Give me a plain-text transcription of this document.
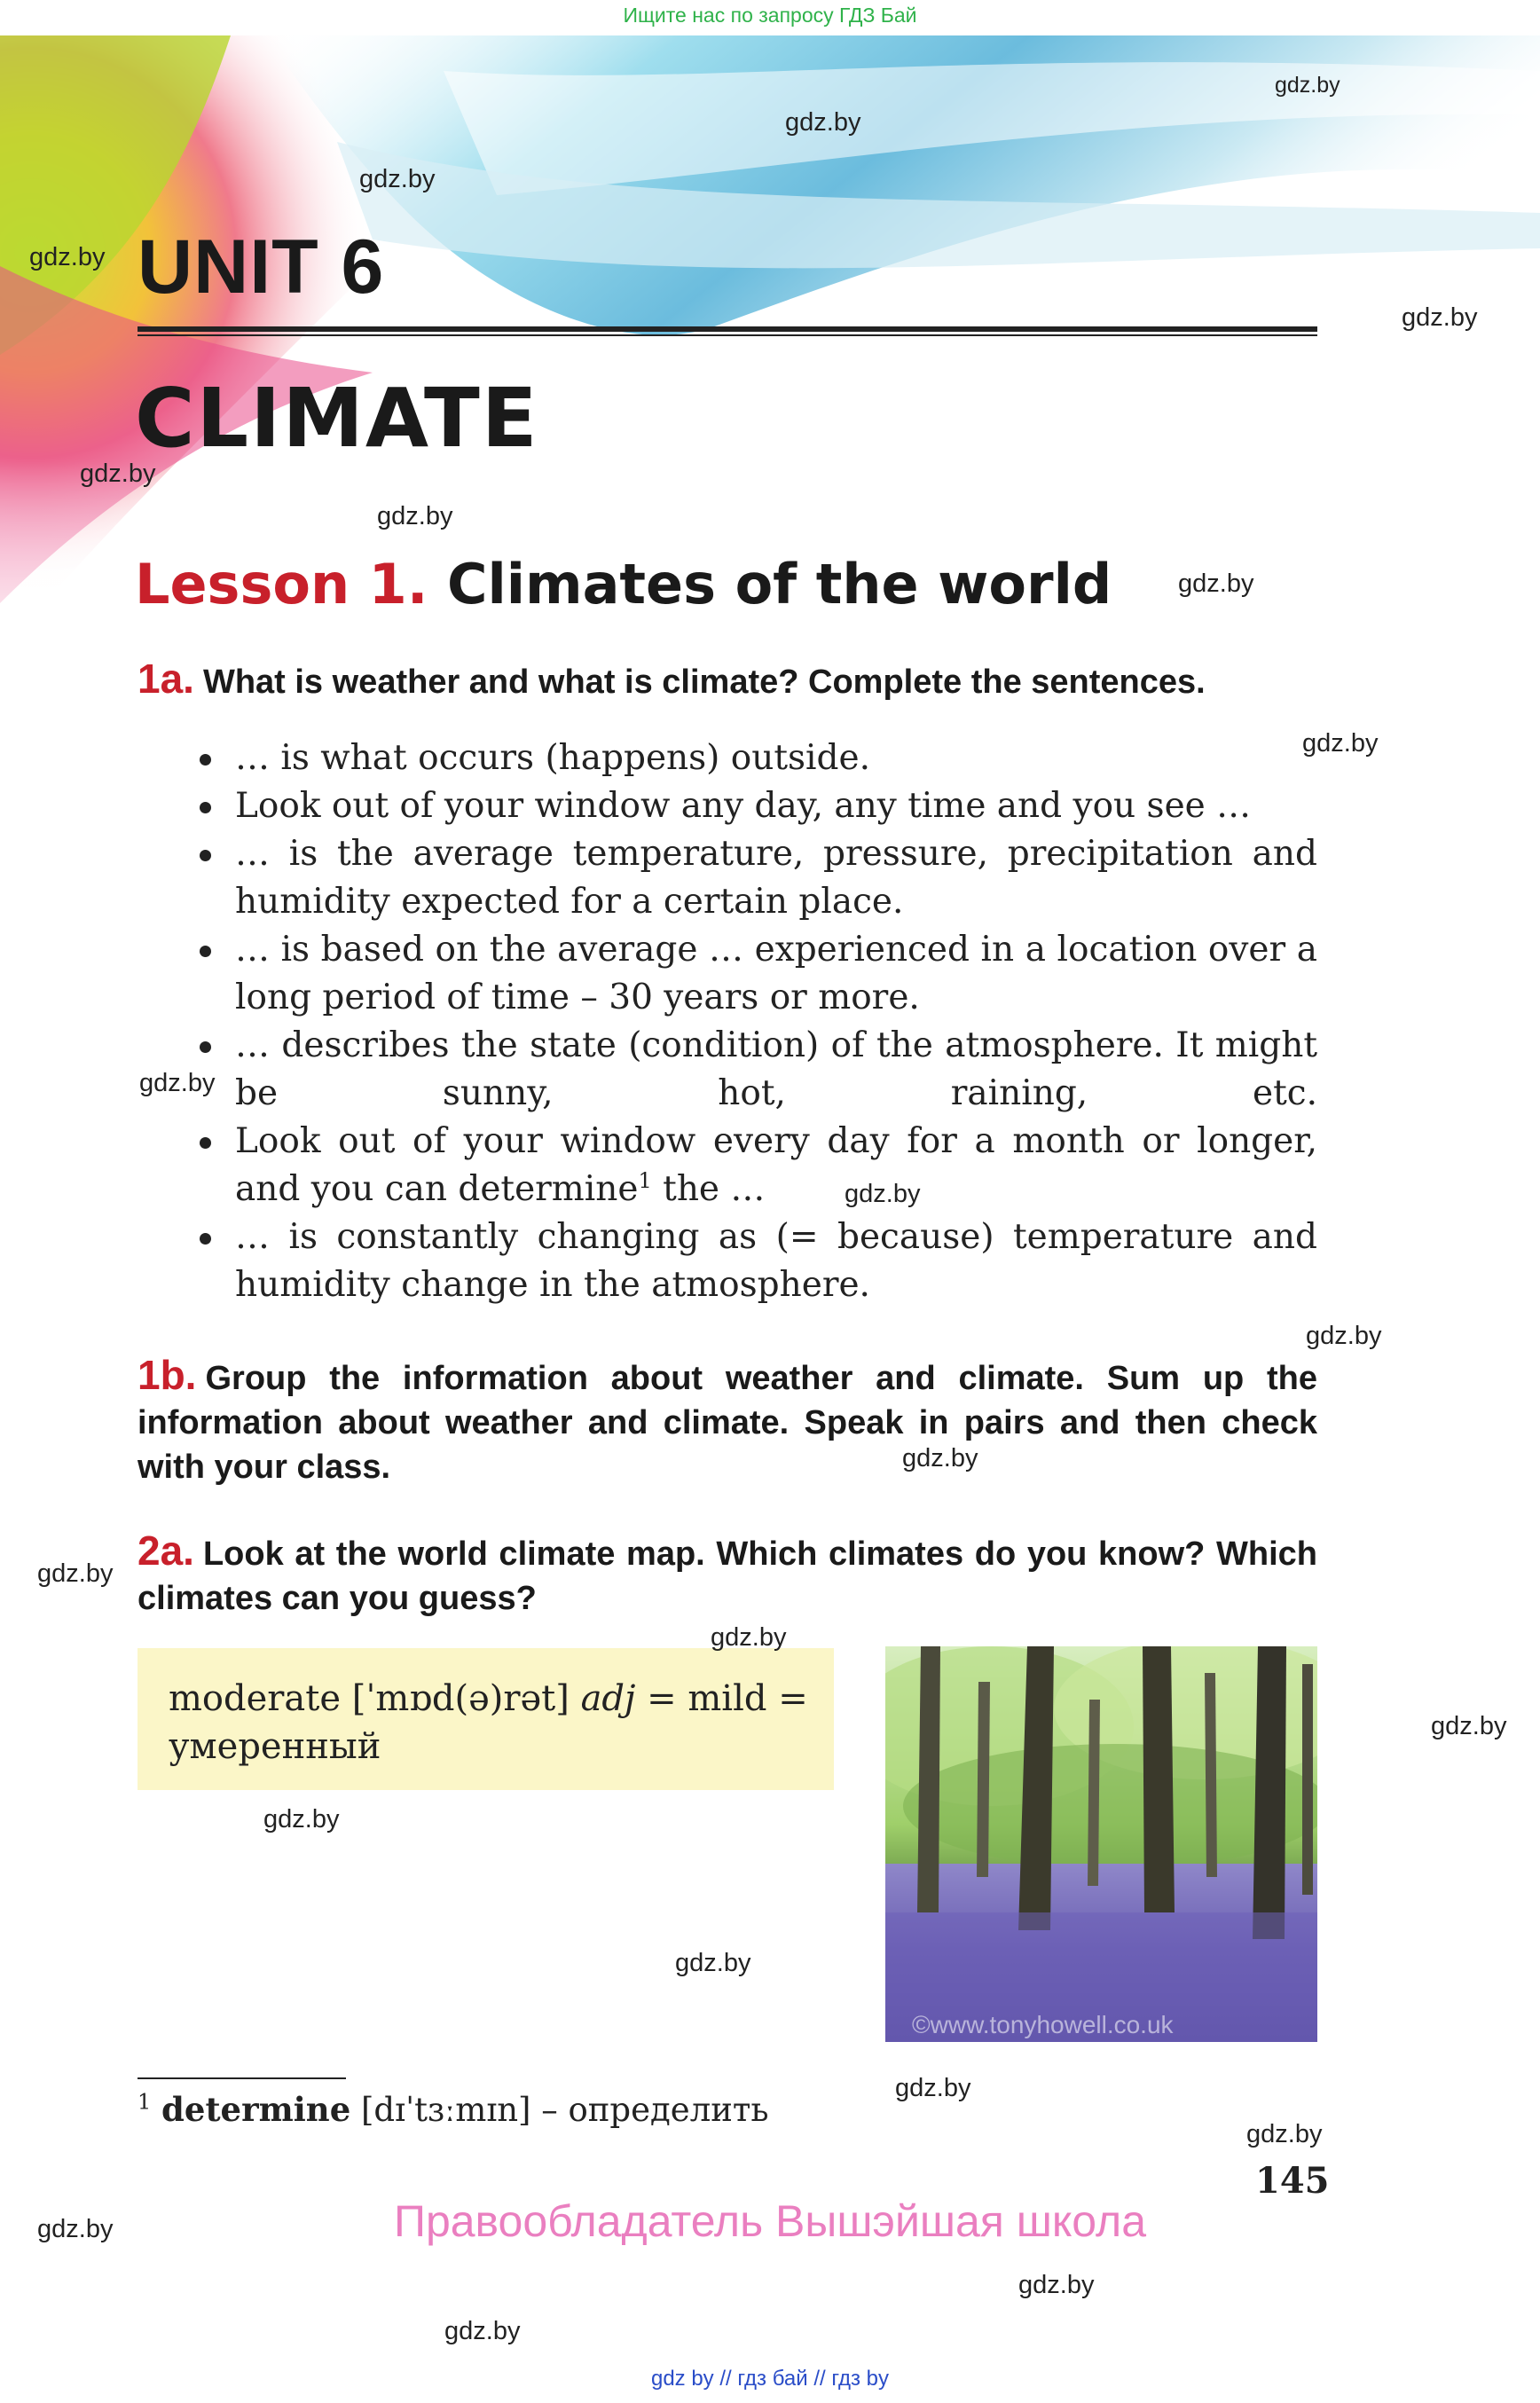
Ищите нас по запросу ГДЗ Бай
gdz.by
gdz.by
gdz.by
gdz.by
gdz.by
gdz.by
gdz.by
gdz.by
gdz.by
gdz.by
gdz.by
gdz.by
gdz.by
gdz.by
gdz.by
gdz.by
gdz.by
gdz.by
gdz.by
gdz.by
gdz.by
gdz.by
gdz.by
UNIT 6
CLIMATE
Lesson 1. Climates of the world
1a. What is weather and what is climate? Complete the sentences.
… is what occurs (happens) outside.
Look out of your window any day, any time and you see …
… is the average temperature, pressure, precipitation and humidity expected for a certain place.
… is based on the average … experienced in a location over a long period of time – 30 years or more.
… describes the state (condition) of the atmosphere. It might be sunny, hot, raining, etc.
Look out of your window every day for a month or longer, and you can determine$^1$ the …
… is constantly changing as (= because) temperature and humidity change in the atmosphere.
1b. Group the information about weather and climate. Sum up the information about weather and climate. Speak in pairs and then check with your class.
2a. Look at the world climate map. Which climates do you know? Which climates can you guess?

moderate [ˈmɒd(ə)rət] adj = mild = умеренный

©www.tonyhowell.co.uk
$^1$ determine [dɪˈtɜːmɪn] – определить
145
Правообладатель Вышэйшая школа
gdz by // гдз бай // гдз by
